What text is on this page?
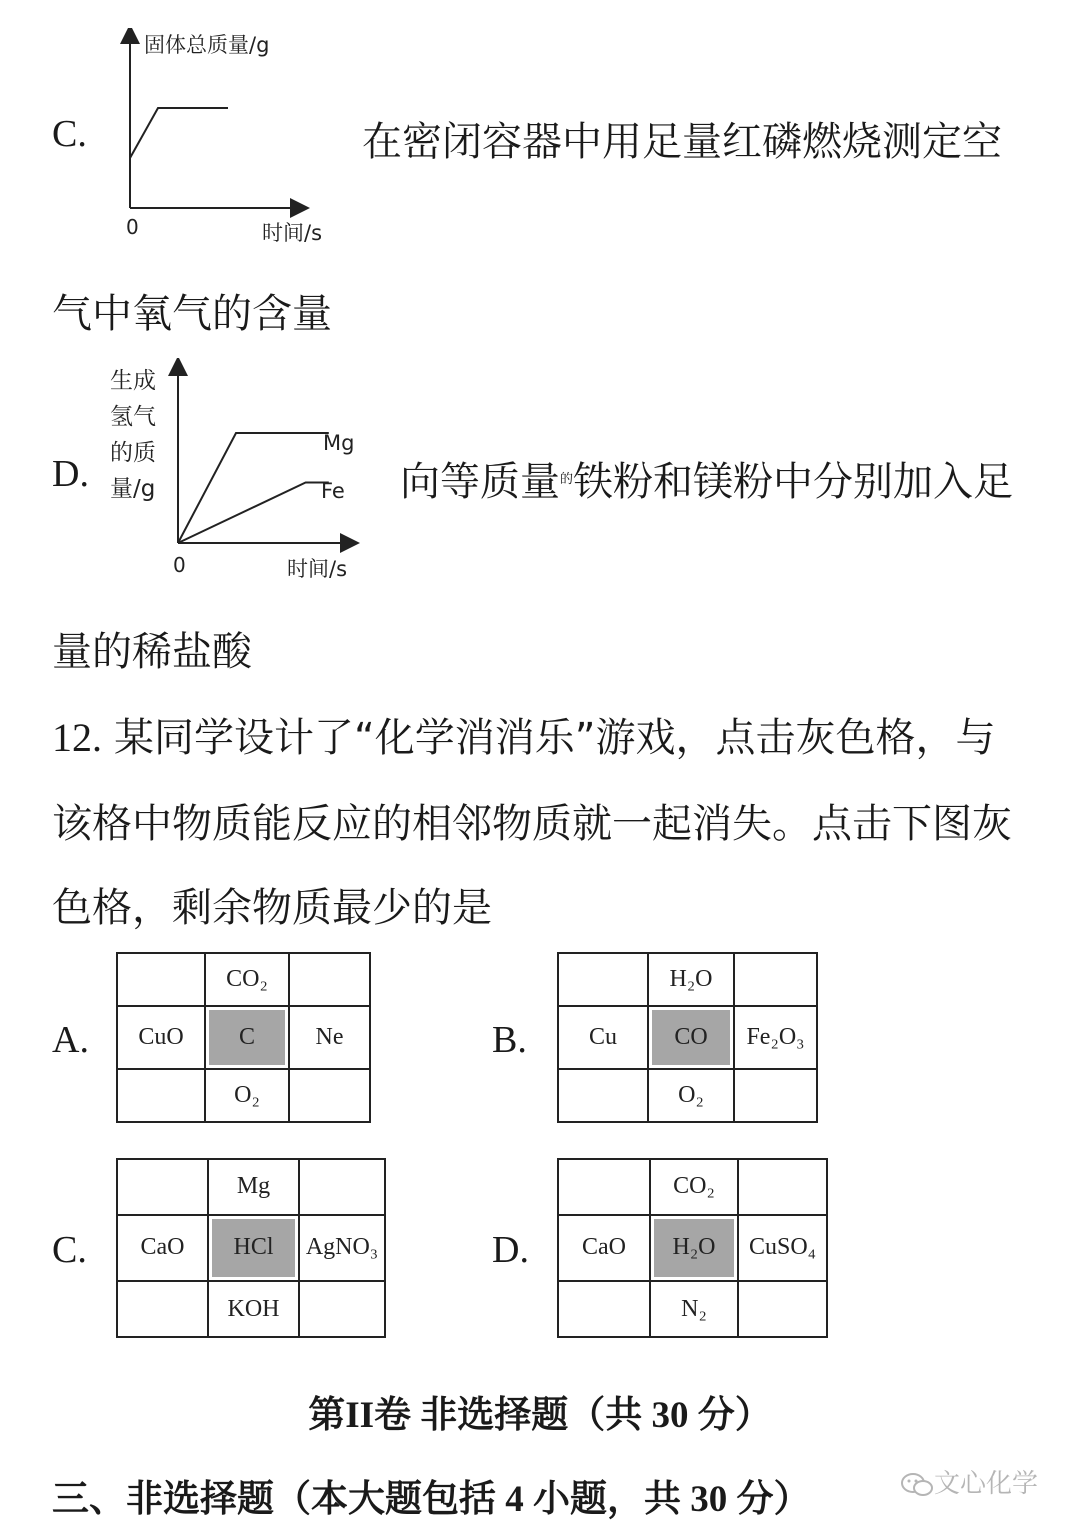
C.
固体总质量/g
时间/s
0
在密闭容器中用足量红磷燃烧测定空
气中氧气的含量
D.
Mg
Fe
生成
氢气
的质
量/g
时间/s
0
向等质量$^的$铁粉和镁粉中分别加入足
量的稀盐酸
12. 某同学设计了“化学消消乐”游戏，点击灰色格，与
该格中物质能反应的相邻物质就一起消失。点击下图灰
色格，剩余物质最少的是
A.
	CO₂	
CuO	C	Ne
	O₂	
B.
	H₂O	
Cu	CO	Fe₂O₃
	O₂	
C.
	Mg	
CaO	HCl	AgNO₃
	KOH	
D.
	CO₂	
CaO	H₂O	CuSO₄
	N₂	
第II卷 非选择题（共 30 分）
三、非选择题（本大题包括 4 小题，共 30 分）	文心化学
